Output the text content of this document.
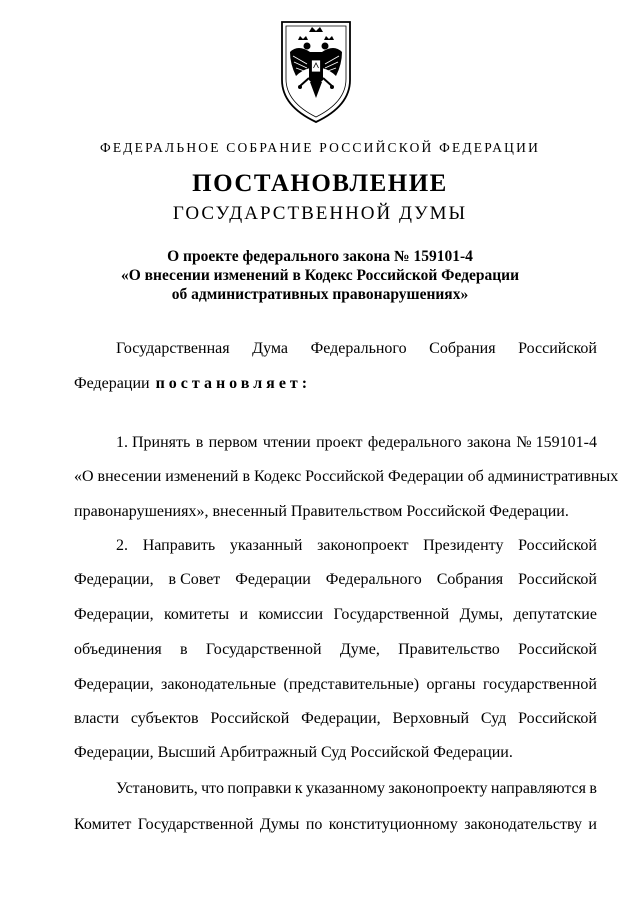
ФЕДЕРАЛЬНОЕ СОБРАНИЕ РОССИЙСКОЙ ФЕДЕРАЦИИ
ПОСТАНОВЛЕНИЕ
ГОСУДАРСТВЕННОЙ ДУМЫ
О проекте федерального закона № 159101-4
«О внесении изменений в Кодекс Российской Федерации
об административных правонарушениях»
Государственная Дума Федерального Собрания Российской
Федерации постановляет:
1. Принять в первом чтении проект федерального закона № 159101-4
«О внесении изменений в Кодекс Российской Федерации об административных
правонарушениях», внесенный Правительством Российской Федерации.
2. Направить указанный законопроект Президенту Российской
Федерации, в Совет Федерации Федерального Собрания Российской
Федерации, комитеты и комиссии Государственной Думы, депутатские
объединения в Государственной Думе, Правительство Российской
Федерации, законодательные (представительные) органы государственной
власти субъектов Российской Федерации, Верховный Суд Российской
Федерации, Высший Арбитражный Суд Российской Федерации.
Установить, что поправки к указанному законопроекту направляются в
Комитет Государственной Думы по конституционному законодательству и
